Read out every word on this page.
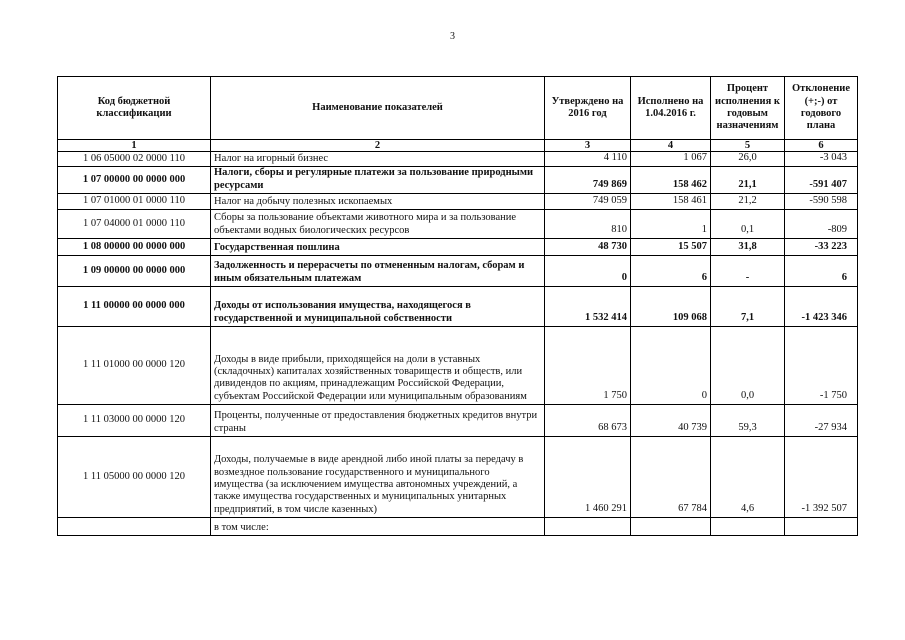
3
Код бюджетной классификации	Наименование показателей	Утверждено на 2016 год	Исполнено на 1.04.2016 г.	Процент исполнения к годовым назначениям	Отклонение (+;-) от годового плана
1	2	3	4	5	6
1 06 05000 02 0000 110	Налог на игорный бизнес	4 110	1 067	26,0	-3 043
1 07 00000 00 0000 000	Налоги, сборы и регулярные платежи за пользование природными ресурсами	749 869	158 462	21,1	-591 407
1 07 01000 01 0000 110	Налог на добычу полезных ископаемых	749 059	158 461	21,2	-590 598
1 07 04000 01 0000 110	Сборы за пользование объектами животного мира и за пользование объектами водных биологических ресурсов	810	1	0,1	-809
1 08 00000 00 0000 000	Государственная пошлина	48 730	15 507	31,8	-33 223
1 09 00000 00 0000 000	Задолженность и перерасчеты по отмененным налогам, сборам и иным обязательным платежам	0	6	-	6
1 11 00000 00 0000 000	Доходы от использования имущества, находящегося в государственной и муниципальной собственности	1 532 414	109 068	7,1	-1 423 346
1 11 01000 00 0000 120	Доходы в виде прибыли, приходящейся на доли в уставных (складочных) капиталах хозяйственных товариществ и обществ, или дивидендов по акциям, принадлежащим Российской Федерации, субъектам Российской Федерации или муниципальным образованиям	1 750	0	0,0	-1 750
1 11 03000 00 0000 120	Проценты, полученные от предоставления бюджетных кредитов внутри страны	68 673	40 739	59,3	-27 934
1 11 05000 00 0000 120	Доходы, получаемые в виде арендной либо иной платы за передачу в возмездное пользование государственного и муниципального имущества (за исключением имущества автономных учреждений, а также имущества государственных и муниципальных унитарных предприятий, в том числе казенных)	1 460 291	67 784	4,6	-1 392 507
	в том числе:				
